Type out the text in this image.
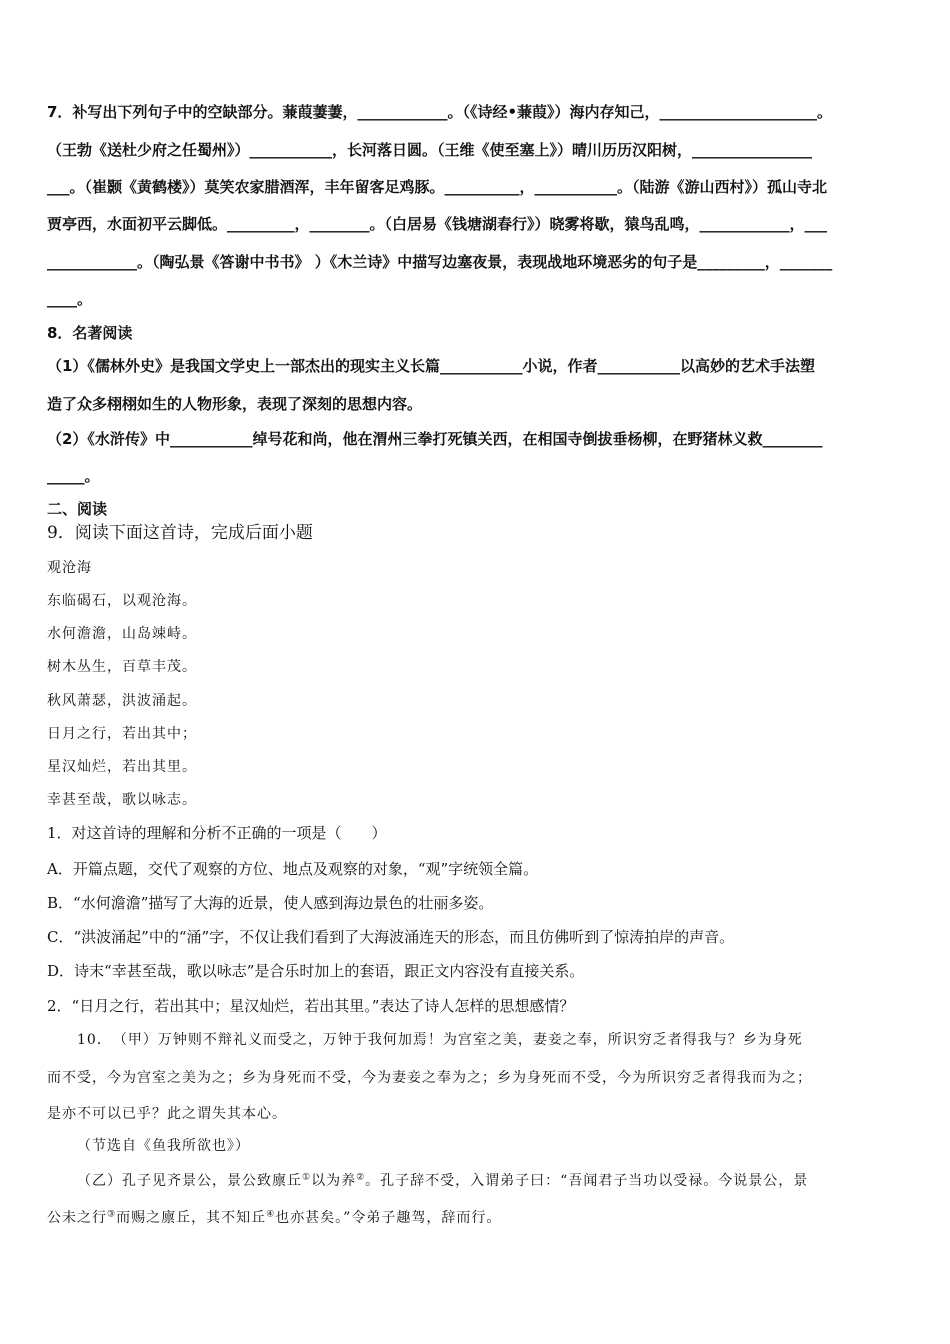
7．补写出下列句子中的空缺部分。蒹葭萋萋，____________。（《诗经•蒹葭》）海内存知己，_____________________。
（王勃《送杜少府之任蜀州》）___________，长河落日圆。（王维《使至塞上》）晴川历历汉阳树，________________
___。（崔颢《黄鹤楼》）莫笑农家腊酒浑，丰年留客足鸡豚。__________，___________。（陆游《游山西村》）孤山寺北
贾亭西，水面初平云脚低。_________，________。（白居易《钱塘湖春行》）晓雾将歇，猿鸟乱鸣，____________，___
____________。（陶弘景《答谢中书书》 ）《木兰诗》中描写边塞夜景，表现战地环境恶劣的句子是_________，_______
____。
8．名著阅读
（1）《儒林外史》是我国文学史上一部杰出的现实主义长篇___________小说，作者___________以高妙的艺术手法塑
造了众多栩栩如生的人物形象，表现了深刻的思想内容。
（2）《水浒传》中___________绰号花和尚，他在渭州三拳打死镇关西，在相国寺倒拔垂杨柳，在野猪林义救________
_____。
二、阅读
9．阅读下面这首诗，完成后面小题
观沧海
东临碣石，以观沧海。
水何澹澹，山岛竦峙。
树木丛生，百草丰茂。
秋风萧瑟，洪波涌起。
日月之行，若出其中；
星汉灿烂，若出其里。
幸甚至哉，歌以咏志。
1．对这首诗的理解和分析不正确的一项是（　　）
A．开篇点题，交代了观察的方位、地点及观察的对象，“观”字统领全篇。
B．“水何澹澹”描写了大海的近景，使人感到海边景色的壮丽多姿。
C．“洪波涌起”中的“涌”字，不仅让我们看到了大海波涌连天的形态，而且仿佛听到了惊涛拍岸的声音。
D．诗末“幸甚至哉，歌以咏志”是合乐时加上的套语，跟正文内容没有直接关系。
2．“日月之行，若出其中；星汉灿烂，若出其里。”表达了诗人怎样的思想感情？
10．　（甲）万钟则不辩礼义而受之，万钟于我何加焉！为宫室之美，妻妾之奉，所识穷乏者得我与？乡为身死
而不受，今为宫室之美为之；乡为身死而不受，今为妻妾之奉为之；乡为身死而不受，今为所识穷乏者得我而为之；
是亦不可以已乎？此之谓失其本心。
（节选自《鱼我所欲也》）
（乙）孔子见齐景公，景公致廪丘①以为养②。孔子辞不受，入谓弟子曰：“吾闻君子当功以受禄。今说景公，景
公未之行③而赐之廪丘，其不知丘④也亦甚矣。”令弟子趣驾，辞而行。
